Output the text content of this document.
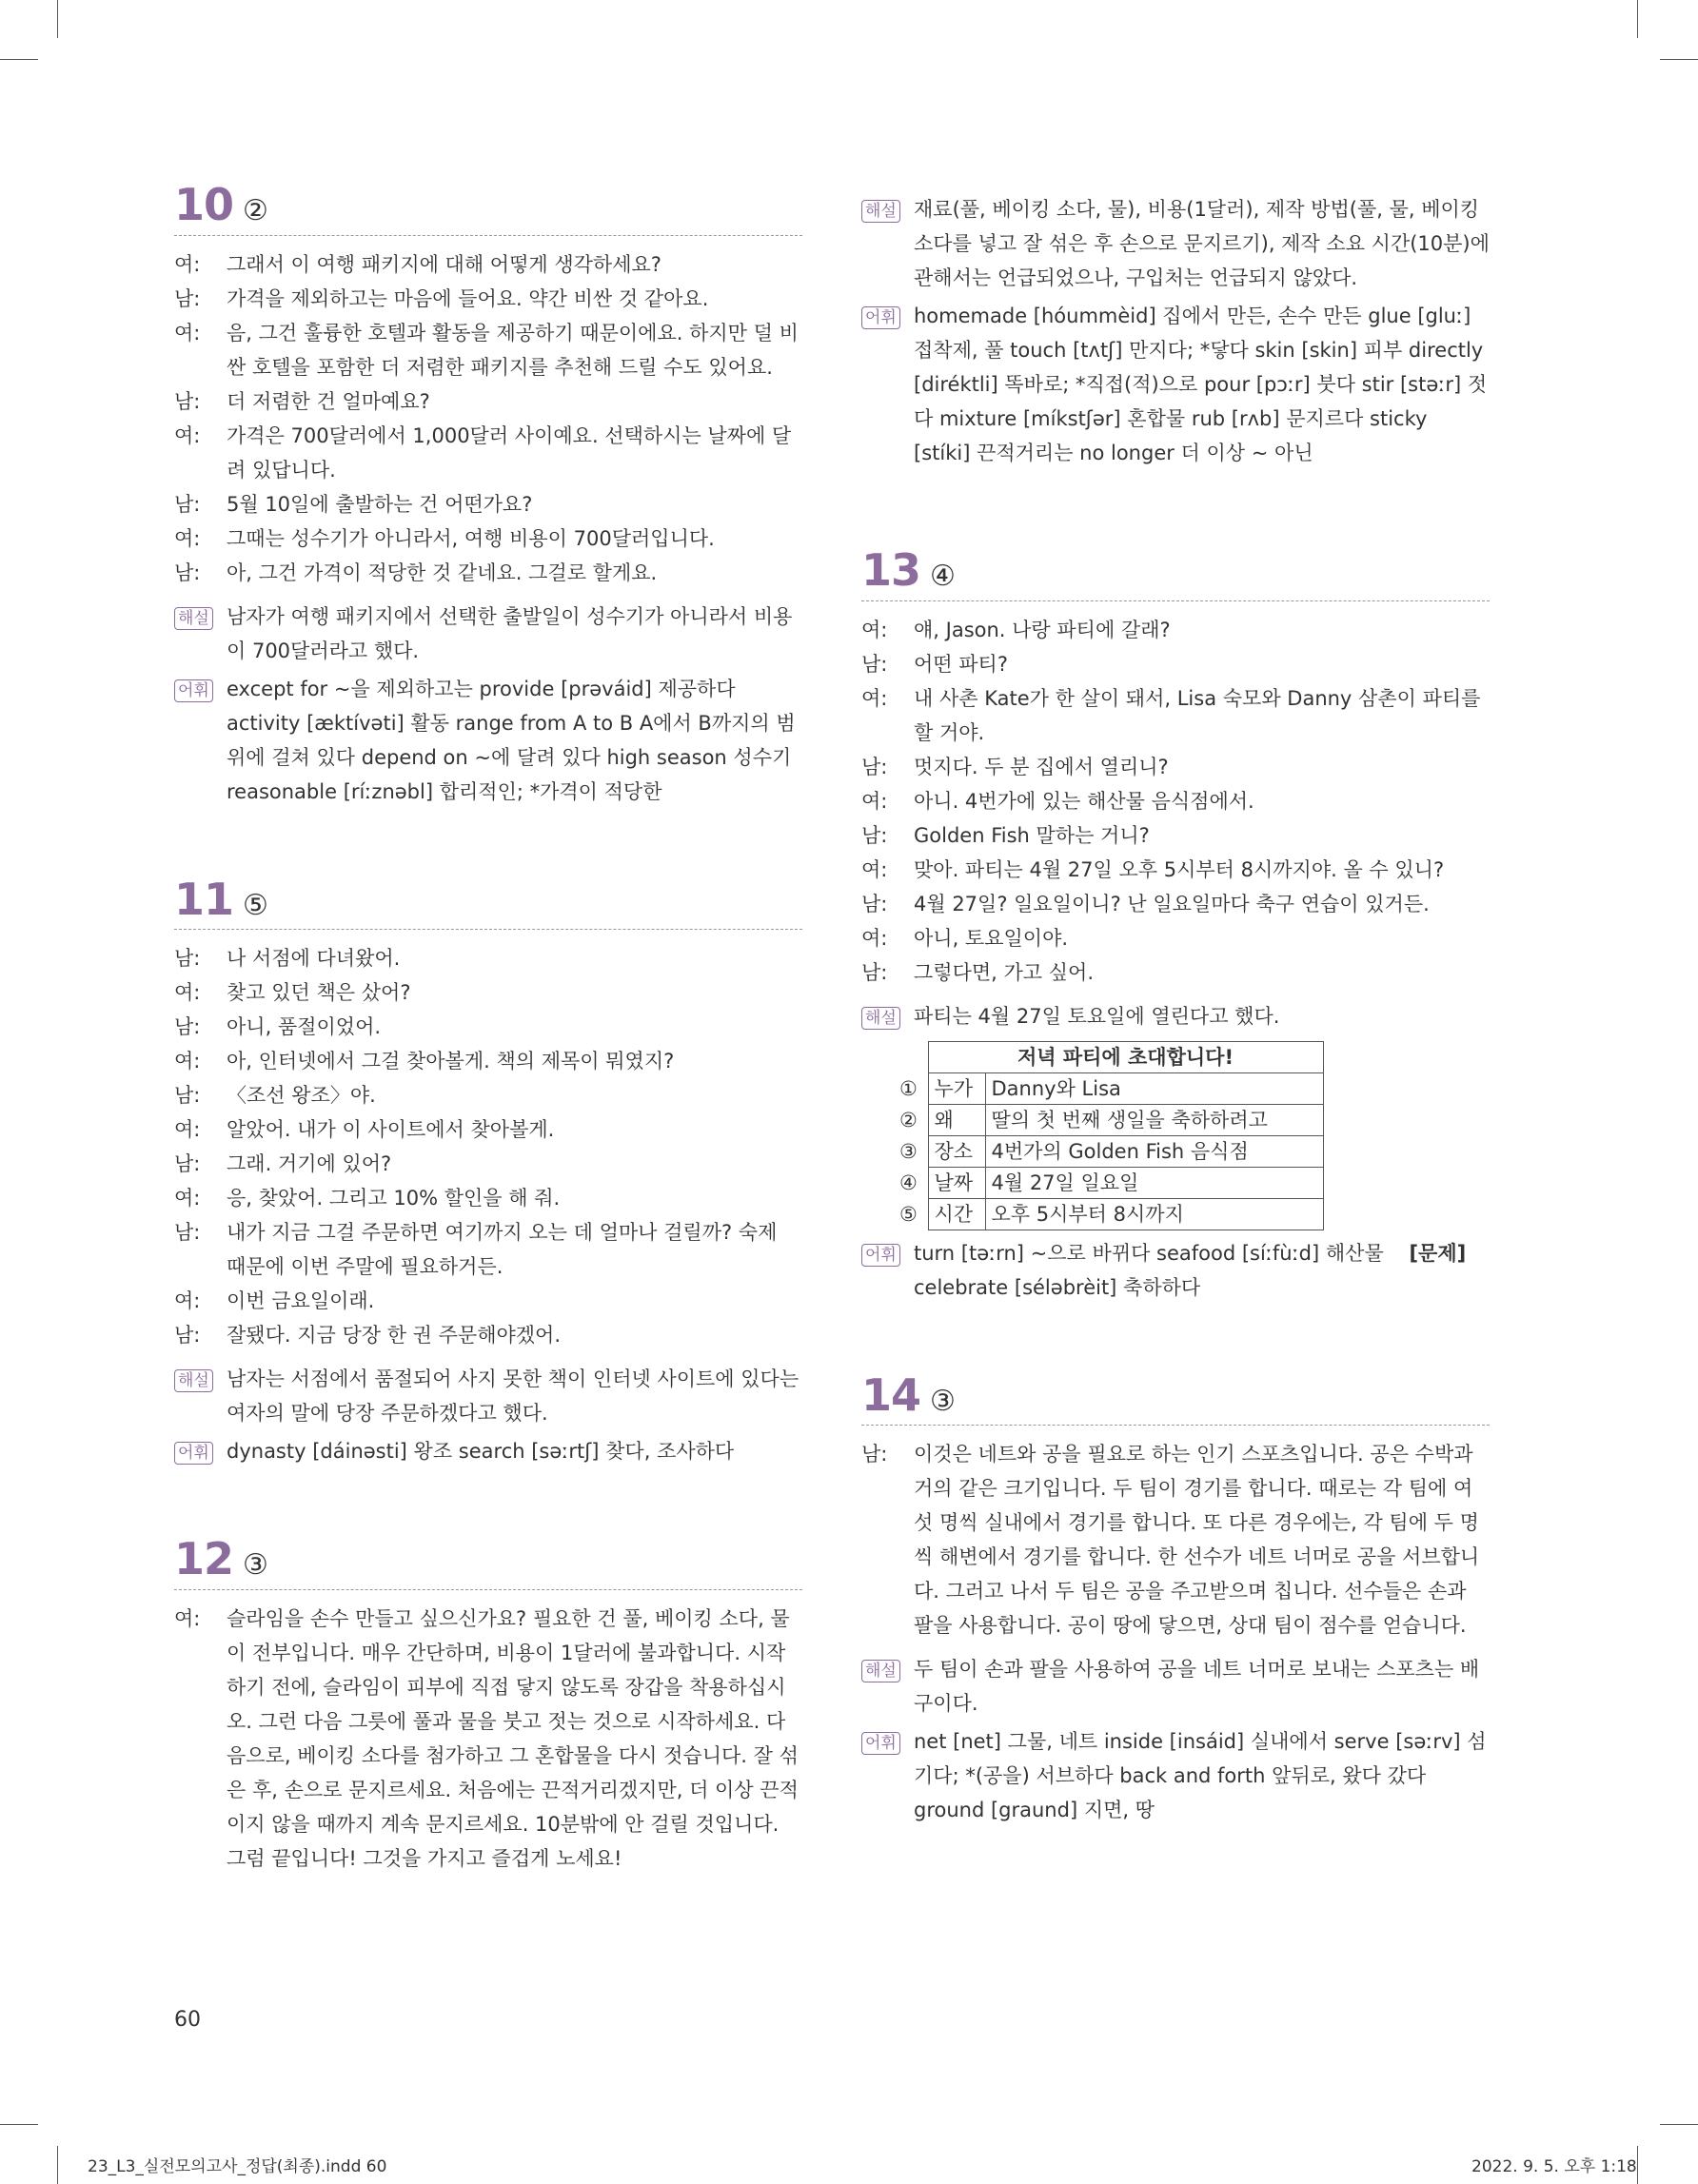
10 ②
여:	그래서 이 여행 패키지에 대해 어떻게 생각하세요?
남:	가격을 제외하고는 마음에 들어요. 약간 비싼 것 같아요.
여:	음, 그건 훌륭한 호텔과 활동을 제공하기 때문이에요. 하지만 덜 비싼 호텔을 포함한 더 저렴한 패키지를 추천해 드릴 수도 있어요.
남:	더 저렴한 건 얼마예요?
여:	가격은 700달러에서 1,000달러 사이예요. 선택하시는 날짜에 달려 있답니다.
남:	5월 10일에 출발하는 건 어떤가요?
여:	그때는 성수기가 아니라서, 여행 비용이 700달러입니다.
남:	아, 그건 가격이 적당한 것 같네요. 그걸로 할게요.
해설 남자가 여행 패키지에서 선택한 출발일이 성수기가 아니라서 비용이 700달러라고 했다.
어휘 except for ~을 제외하고는 provide [prəváid] 제공하다 activity [æktívəti] 활동 range from A to B A에서 B까지의 범위에 걸쳐 있다 depend on ~에 달려 있다 high season 성수기 reasonable [ríːznəbl] 합리적인; *가격이 적당한
11 ⑤
남:	나 서점에 다녀왔어.
여:	찾고 있던 책은 샀어?
남:	아니, 품절이었어.
여:	아, 인터넷에서 그걸 찾아볼게. 책의 제목이 뭐였지?
남:	〈조선 왕조〉야.
여:	알았어. 내가 이 사이트에서 찾아볼게.
남:	그래. 거기에 있어?
여:	응, 찾았어. 그리고 10% 할인을 해 줘.
남:	내가 지금 그걸 주문하면 여기까지 오는 데 얼마나 걸릴까? 숙제 때문에 이번 주말에 필요하거든.
여:	이번 금요일이래.
남:	잘됐다. 지금 당장 한 권 주문해야겠어.
해설 남자는 서점에서 품절되어 사지 못한 책이 인터넷 사이트에 있다는 여자의 말에 당장 주문하겠다고 했다.
어휘 dynasty [dáinəsti] 왕조 search [səːrtʃ] 찾다, 조사하다
12 ③
여:	슬라임을 손수 만들고 싶으신가요? 필요한 건 풀, 베이킹 소다, 물이 전부입니다. 매우 간단하며, 비용이 1달러에 불과합니다. 시작하기 전에, 슬라임이 피부에 직접 닿지 않도록 장갑을 착용하십시오. 그런 다음 그릇에 풀과 물을 붓고 젓는 것으로 시작하세요. 다음으로, 베이킹 소다를 첨가하고 그 혼합물을 다시 젓습니다. 잘 섞은 후, 손으로 문지르세요. 처음에는 끈적거리겠지만, 더 이상 끈적이지 않을 때까지 계속 문지르세요. 10분밖에 안 걸릴 것입니다. 그럼 끝입니다! 그것을 가지고 즐겁게 노세요!
60
해설 재료(풀, 베이킹 소다, 물), 비용(1달러), 제작 방법(풀, 물, 베이킹 소다를 넣고 잘 섞은 후 손으로 문지르기), 제작 소요 시간(10분)에 관해서는 언급되었으나, 구입처는 언급되지 않았다.
어휘 homemade [hóummèid] 집에서 만든, 손수 만든 glue [gluː] 접착제, 풀 touch [tʌtʃ] 만지다; *닿다 skin [skin] 피부 directly [diréktli] 똑바로; *직접(적)으로 pour [pɔːr] 붓다 stir [stəːr] 젓다 mixture [míkstʃər] 혼합물 rub [rʌb] 문지르다 sticky [stíki] 끈적거리는 no longer 더 이상 ~ 아닌
13 ④
여:	얘, Jason. 나랑 파티에 갈래?
남:	어떤 파티?
여:	내 사촌 Kate가 한 살이 돼서, Lisa 숙모와 Danny 삼촌이 파티를 할 거야.
남:	멋지다. 두 분 집에서 열리니?
여:	아니. 4번가에 있는 해산물 음식점에서.
남:	Golden Fish 말하는 거니?
여:	맞아. 파티는 4월 27일 오후 5시부터 8시까지야. 올 수 있니?
남:	4월 27일? 일요일이니? 난 일요일마다 축구 연습이 있거든.
여:	아니, 토요일이야.
남:	그렇다면, 가고 싶어.
해설 파티는 4월 27일 토요일에 열린다고 했다.
	저녁 파티에 초대합니다!	
①	누가	Danny와 Lisa
②	왜	딸의 첫 번째 생일을 축하하려고
③	장소	4번가의 Golden Fish 음식점
④	날짜	4월 27일 일요일
⑤	시간	오후 5시부터 8시까지
어휘 turn [təːrn] ~으로 바뀌다 seafood [síːfùːd] 해산물 [문제]
celebrate [séləbrèit] 축하하다
14 ③
남:	이것은 네트와 공을 필요로 하는 인기 스포츠입니다. 공은 수박과 거의 같은 크기입니다. 두 팀이 경기를 합니다. 때로는 각 팀에 여섯 명씩 실내에서 경기를 합니다. 또 다른 경우에는, 각 팀에 두 명씩 해변에서 경기를 합니다. 한 선수가 네트 너머로 공을 서브합니다. 그러고 나서 두 팀은 공을 주고받으며 칩니다. 선수들은 손과 팔을 사용합니다. 공이 땅에 닿으면, 상대 팀이 점수를 얻습니다.
해설 두 팀이 손과 팔을 사용하여 공을 네트 너머로 보내는 스포츠는 배구이다.
어휘 net [net] 그물, 네트 inside [insáid] 실내에서 serve [səːrv] 섬기다; *(공을) 서브하다 back and forth 앞뒤로, 왔다 갔다 ground [graund] 지면, 땅
23_L3_실전모의고사_정답(최종).indd 60	2022. 9. 5. 오후 1:18
